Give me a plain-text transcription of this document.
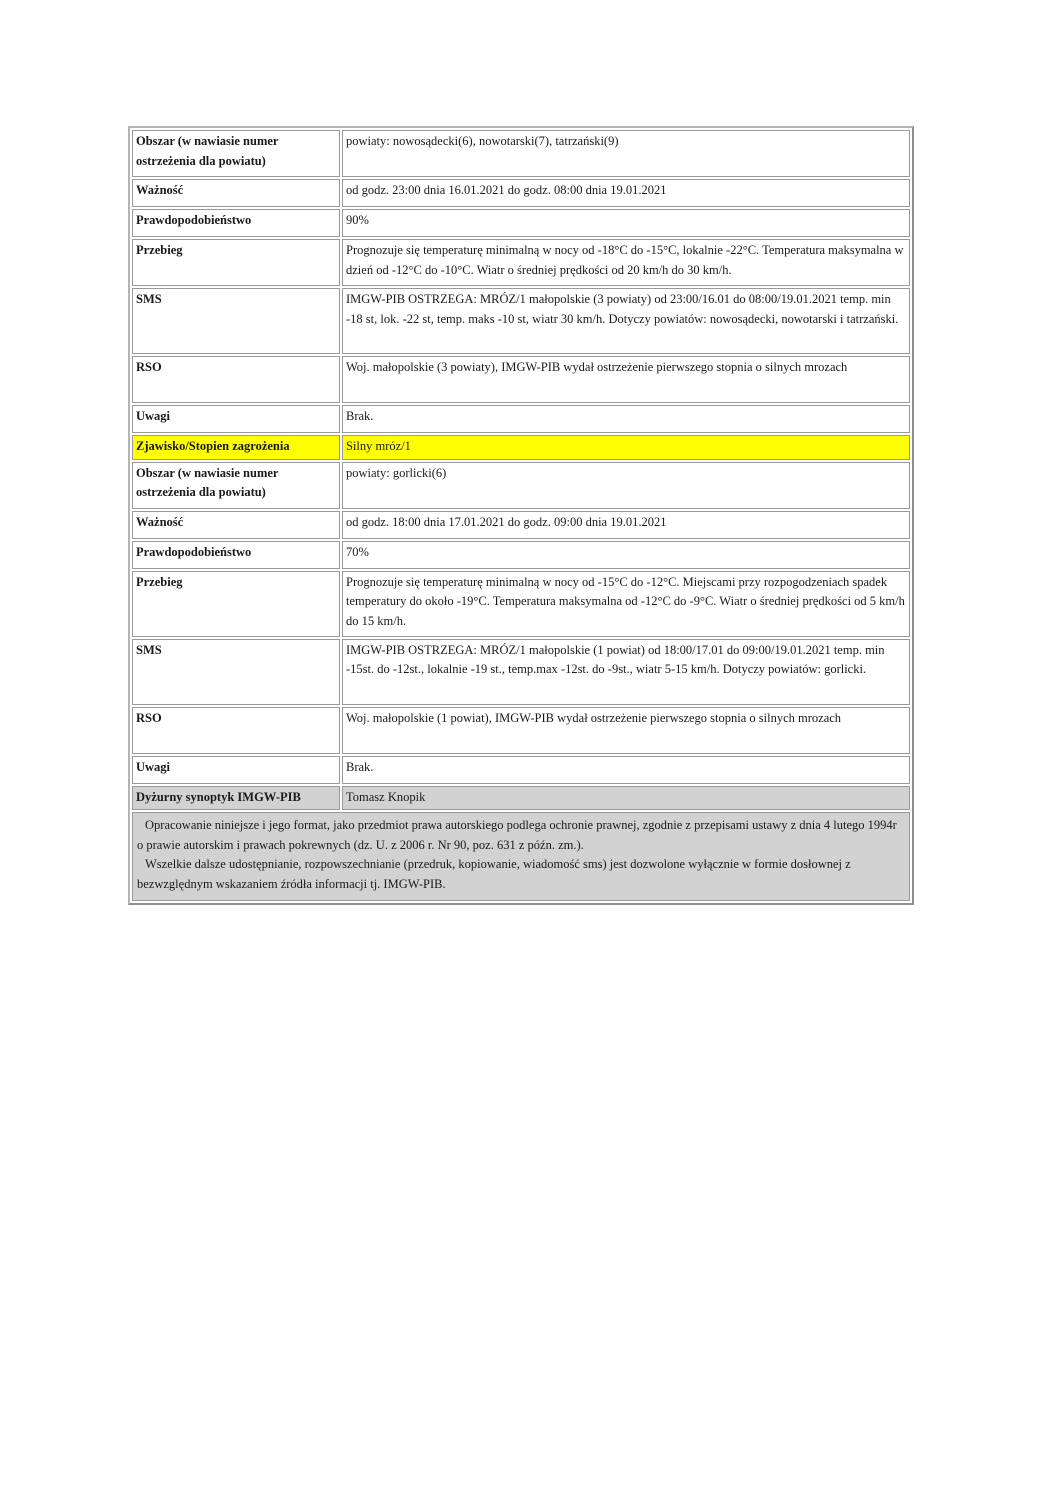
Obszar (w nawiasie numer ostrzeżenia dla powiatu)	powiaty: nowosądecki(6), nowotarski(7), tatrzański(9)
Ważność	od godz. 23:00 dnia 16.01.2021 do godz. 08:00 dnia 19.01.2021
Prawdopodobieństwo	90%
Przebieg	Prognozuje się temperaturę minimalną w nocy od -18°C do -15°C, lokalnie -22°C. Temperatura maksymalna w dzień od -12°C do -10°C. Wiatr o średniej prędkości od 20 km/h do 30 km/h.
SMS	IMGW-PIB OSTRZEGA: MRÓZ/1 małopolskie (3 powiaty) od 23:00/16.01 do 08:00/19.01.2021 temp. min -18 st, lok. -22 st, temp. maks -10 st, wiatr 30 km/h. Dotyczy powiatów: nowosądecki, nowotarski i tatrzański.
RSO	Woj. małopolskie (3 powiaty), IMGW-PIB wydał ostrzeżenie pierwszego stopnia o silnych mrozach
Uwagi	Brak.
Zjawisko/Stopien zagrożenia	Silny mróz/1
Obszar (w nawiasie numer ostrzeżenia dla powiatu)	powiaty: gorlicki(6)
Ważność	od godz. 18:00 dnia 17.01.2021 do godz. 09:00 dnia 19.01.2021
Prawdopodobieństwo	70%
Przebieg	Prognozuje się temperaturę minimalną w nocy od -15°C do -12°C. Miejscami przy rozpogodzeniach spadek temperatury do około -19°C. Temperatura maksymalna od -12°C do -9°C. Wiatr o średniej prędkości od 5 km/h do 15 km/h.
SMS	IMGW-PIB OSTRZEGA: MRÓZ/1 małopolskie (1 powiat) od 18:00/17.01 do 09:00/19.01.2021 temp. min -15st. do -12st., lokalnie -19 st., temp.max -12st. do -9st., wiatr 5-15 km/h. Dotyczy powiatów: gorlicki.
RSO	Woj. małopolskie (1 powiat), IMGW-PIB wydał ostrzeżenie pierwszego stopnia o silnych mrozach
Uwagi	Brak.
Dyżurny synoptyk IMGW-PIB	Tomasz Knopik

Opracowanie niniejsze i jego format, jako przedmiot prawa autorskiego podlega ochronie prawnej, zgodnie z przepisami ustawy z dnia 4 lutego 1994r o prawie autorskim i prawach pokrewnych (dz. U. z 2006 r. Nr 90, poz. 631 z późn. zm.).
Wszelkie dalsze udostępnianie, rozpowszechnianie (przedruk, kopiowanie, wiadomość sms) jest dozwolone wyłącznie w formie dosłownej z bezwzględnym wskazaniem źródła informacji tj. IMGW-PIB.	
